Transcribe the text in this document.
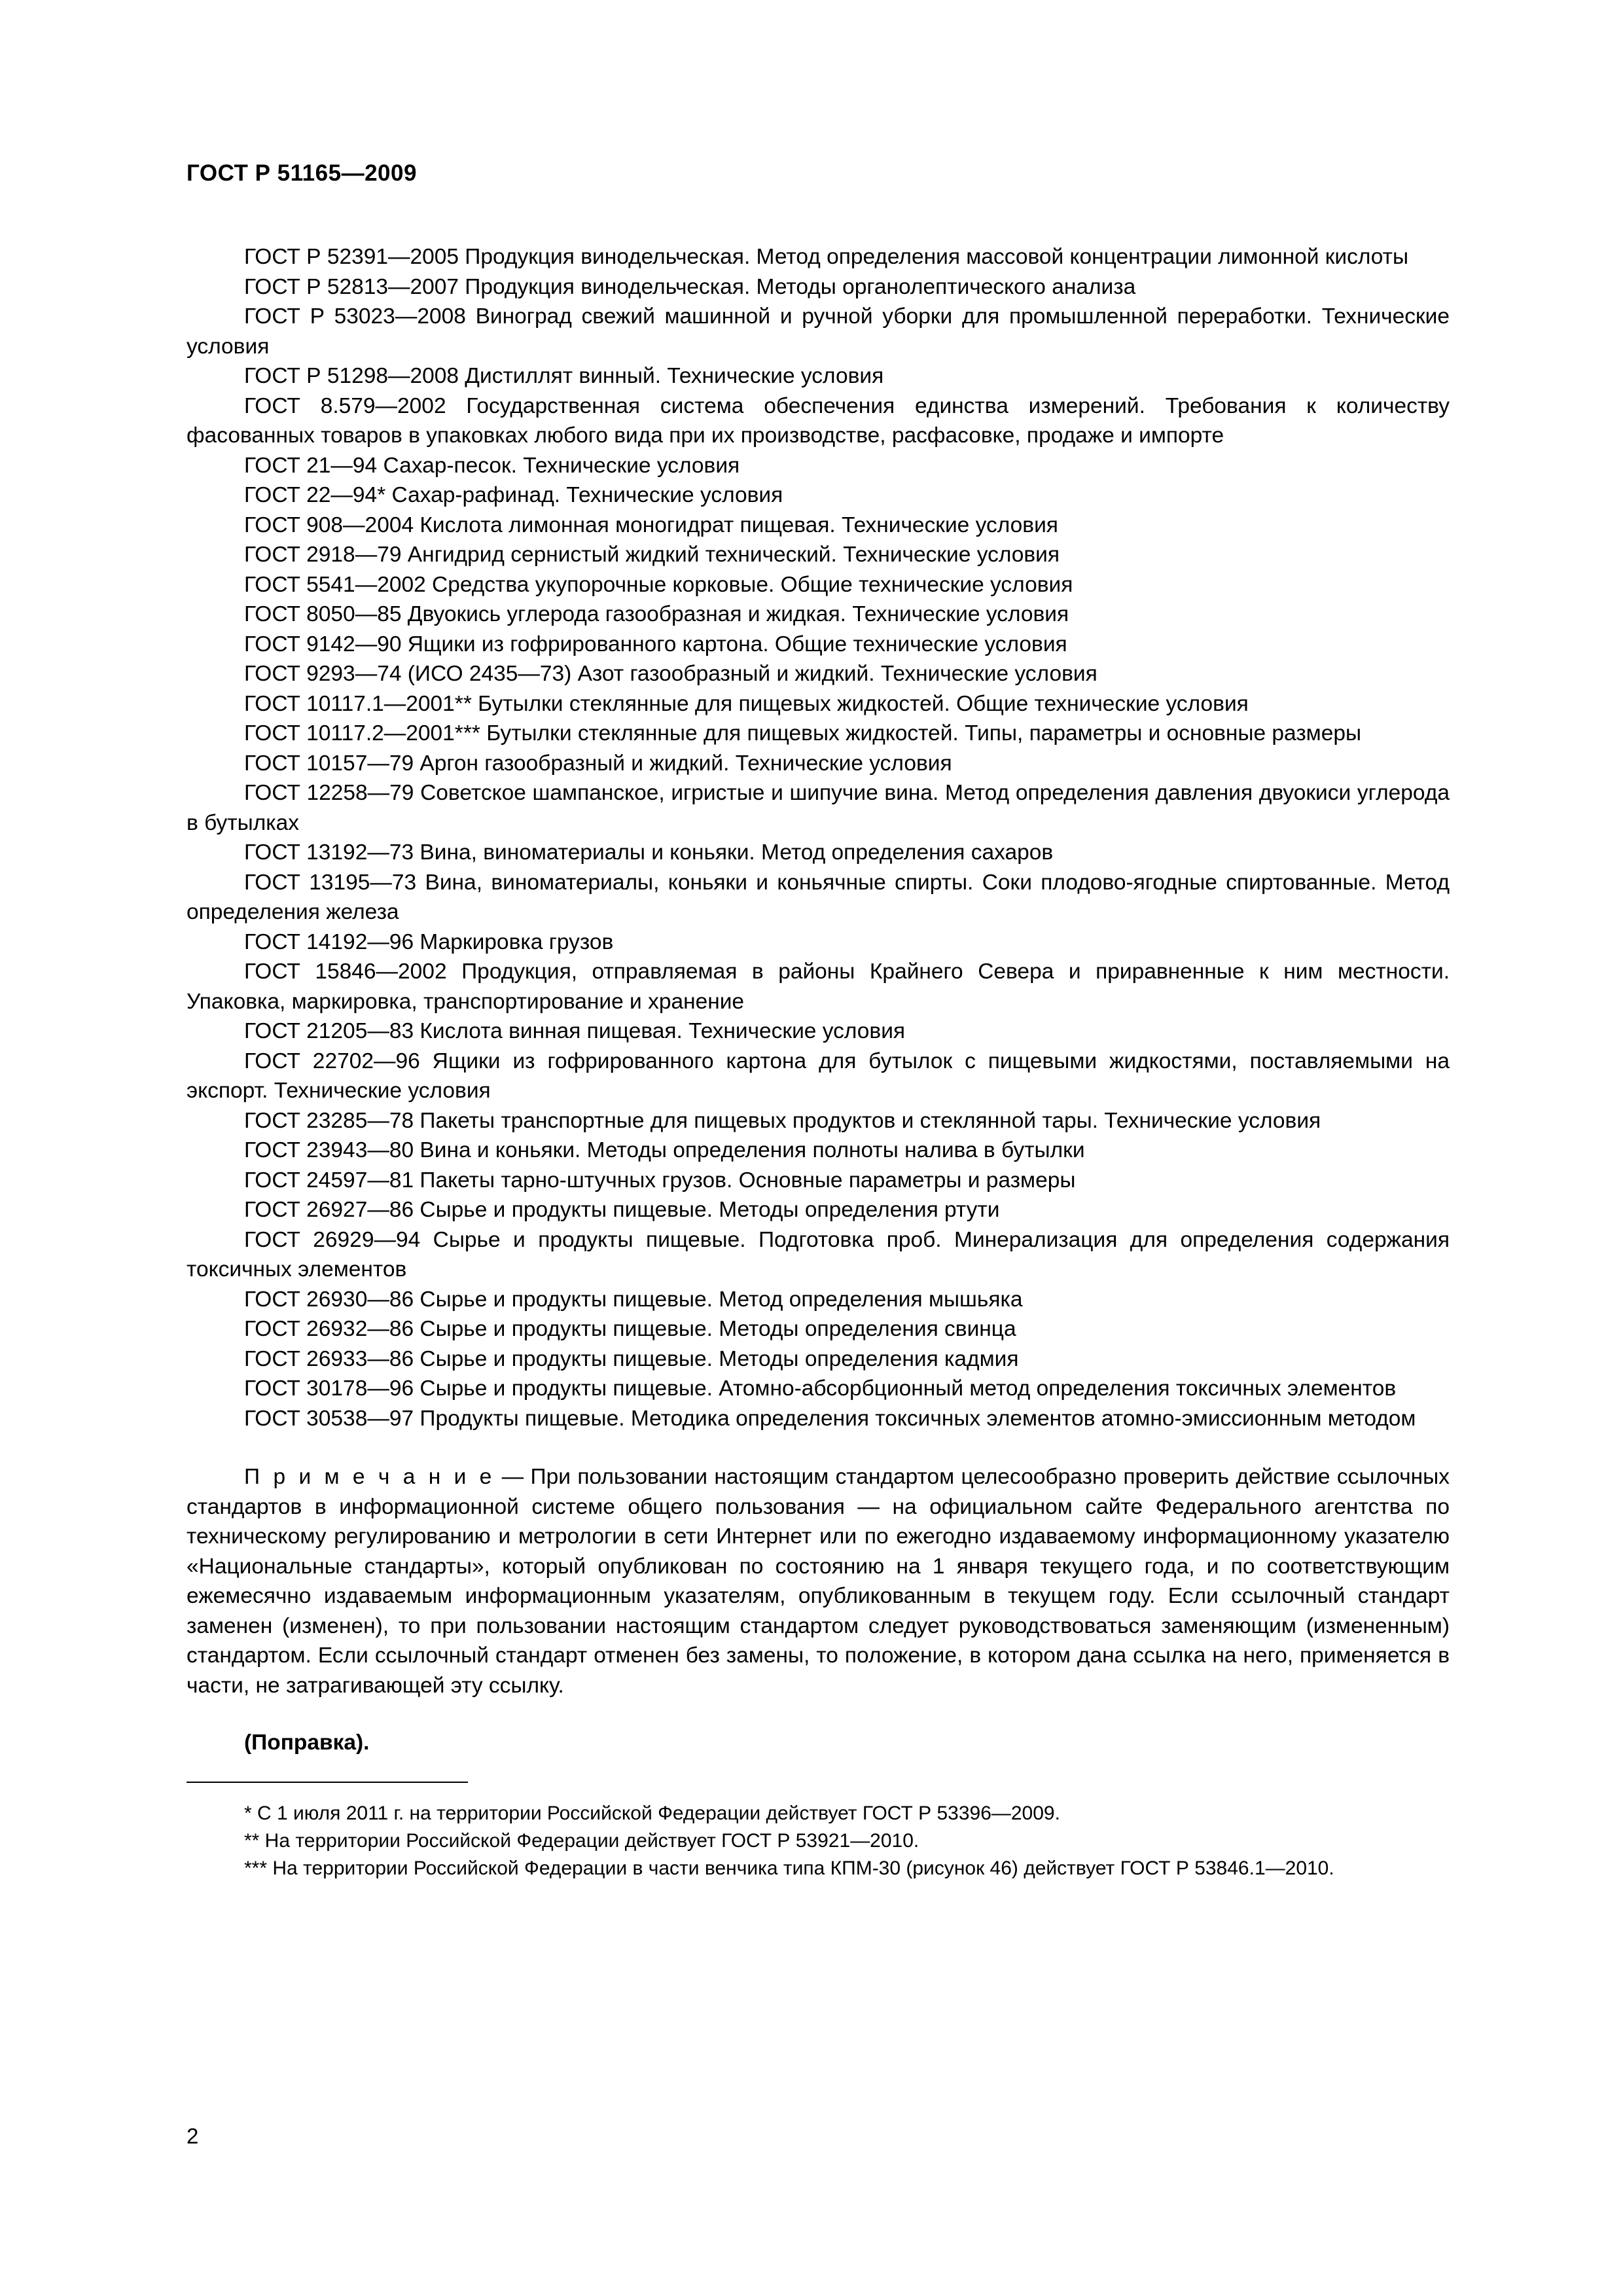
ГОСТ Р 51165—2009

ГОСТ Р 52391—2005 Продукция винодельческая. Метод определения массовой концентрации лимонной кислоты

ГОСТ Р 52813—2007 Продукция винодельческая. Методы органолептического анализа

ГОСТ Р 53023—2008 Виноград свежий машинной и ручной уборки для промышленной переработки. Технические условия

ГОСТ Р 51298—2008 Дистиллят винный. Технические условия

ГОСТ 8.579—2002 Государственная система обеспечения единства измерений. Требования к количеству фасованных товаров в упаковках любого вида при их производстве, расфасовке, продаже и импорте

ГОСТ 21—94 Сахар-песок. Технические условия

ГОСТ 22—94* Сахар-рафинад. Технические условия

ГОСТ 908—2004 Кислота лимонная моногидрат пищевая. Технические условия

ГОСТ 2918—79 Ангидрид сернистый жидкий технический. Технические условия

ГОСТ 5541—2002 Средства укупорочные корковые. Общие технические условия

ГОСТ 8050—85 Двуокись углерода газообразная и жидкая. Технические условия

ГОСТ 9142—90 Ящики из гофрированного картона. Общие технические условия

ГОСТ 9293—74 (ИСО 2435—73) Азот газообразный и жидкий. Технические условия

ГОСТ 10117.1—2001** Бутылки стеклянные для пищевых жидкостей. Общие технические условия

ГОСТ 10117.2—2001*** Бутылки стеклянные для пищевых жидкостей. Типы, параметры и основные размеры

ГОСТ 10157—79 Аргон газообразный и жидкий. Технические условия

ГОСТ 12258—79 Советское шампанское, игристые и шипучие вина. Метод определения давления двуокиси углерода в бутылках

ГОСТ 13192—73 Вина, виноматериалы и коньяки. Метод определения сахаров

ГОСТ 13195—73 Вина, виноматериалы, коньяки и коньячные спирты. Соки плодово-ягодные спиртованные. Метод определения железа

ГОСТ 14192—96 Маркировка грузов

ГОСТ 15846—2002 Продукция, отправляемая в районы Крайнего Севера и приравненные к ним местности. Упаковка, маркировка, транспортирование и хранение

ГОСТ 21205—83 Кислота винная пищевая. Технические условия

ГОСТ 22702—96 Ящики из гофрированного картона для бутылок с пищевыми жидкостями, поставляемыми на экспорт. Технические условия

ГОСТ 23285—78 Пакеты транспортные для пищевых продуктов и стеклянной тары. Технические условия

ГОСТ 23943—80 Вина и коньяки. Методы определения полноты налива в бутылки

ГОСТ 24597—81 Пакеты тарно-штучных грузов. Основные параметры и размеры

ГОСТ 26927—86 Сырье и продукты пищевые. Методы определения ртути

ГОСТ 26929—94 Сырье и продукты пищевые. Подготовка проб. Минерализация для определения содержания токсичных элементов

ГОСТ 26930—86 Сырье и продукты пищевые. Метод определения мышьяка

ГОСТ 26932—86 Сырье и продукты пищевые. Методы определения свинца

ГОСТ 26933—86 Сырье и продукты пищевые. Методы определения кадмия

ГОСТ 30178—96 Сырье и продукты пищевые. Атомно-абсорбционный метод определения токсичных элементов

ГОСТ 30538—97 Продукты пищевые. Методика определения токсичных элементов атомно-эмиссионным методом

П р и м е ч а н и е — При пользовании настоящим стандартом целесообразно проверить действие ссылочных стандартов в информационной системе общего пользования — на официальном сайте Федерального агентства по техническому регулированию и метрологии в сети Интернет или по ежегодно издаваемому информационному указателю «Национальные стандарты», который опубликован по состоянию на 1 января текущего года, и по соответствующим ежемесячно издаваемым информационным указателям, опубликованным в текущем году. Если ссылочный стандарт заменен (изменен), то при пользовании настоящим стандартом следует руководствоваться заменяющим (измененным) стандартом. Если ссылочный стандарт отменен без замены, то положение, в котором дана ссылка на него, применяется в части, не затрагивающей эту ссылку.

(Поправка).

* С 1 июля 2011 г. на территории Российской Федерации действует ГОСТ Р 53396—2009.

** На территории Российской Федерации действует ГОСТ Р 53921—2010.

*** На территории Российской Федерации в части венчика типа КПМ-30 (рисунок 46) действует ГОСТ Р 53846.1—2010.

2
